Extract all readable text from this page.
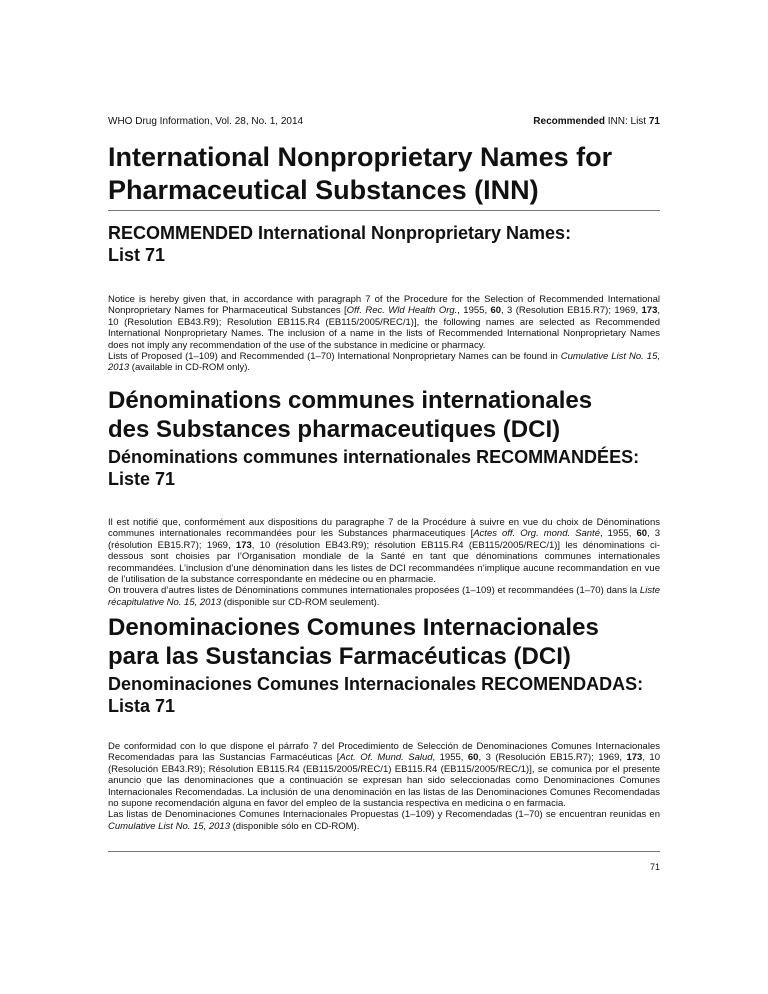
WHO Drug Information, Vol. 28, No. 1, 2014	Recommended INN: List 71
International Nonproprietary Names for
Pharmaceutical Substances (INN)
RECOMMENDED International Nonproprietary Names:
List 71

Notice is hereby given that, in accordance with paragraph 7 of the Procedure for the Selection of Recommended International Nonproprietary Names for Pharmaceutical Substances [Off. Rec. Wld Health Org., 1955, 60, 3 (Resolution EB15.R7); 1969, 173, 10 (Resolution EB43.R9); Resolution EB115.R4 (EB115/2005/REC/1)], the following names are selected as Recommended International Nonproprietary Names. The inclusion of a name in the lists of Recommended International Nonproprietary Names does not imply any recommendation of the use of the substance in medicine or pharmacy.

Lists of Proposed (1–109) and Recommended (1–70) International Nonproprietary Names can be found in Cumulative List No. 15, 2013 (available in CD-ROM only).

Dénominations communes internationales
des Substances pharmaceutiques (DCI)
Dénominations communes internationales RECOMMANDÉES:
Liste 71

Il est notifié que, conformément aux dispositions du paragraphe 7 de la Procédure à suivre en vue du choix de Dénominations communes internationales recommandées pour les Substances pharmaceutiques [Actes off. Org. mond. Santé, 1955, 60, 3 (résolution EB15.R7); 1969, 173, 10 (résolution EB43.R9); résolution EB115.R4 (EB115/2005/REC/1)] les dénominations ci-dessous sont choisies par l’Organisation mondiale de la Santé en tant que dénominations communes internationales recommandées. L’inclusion d’une dénomination dans les listes de DCI recommandées n’implique aucune recommandation en vue de l’utilisation de la substance correspondante en médecine ou en pharmacie.

On trouvera d’autres listes de Dénominations communes internationales proposées (1–109) et recommandées (1–70) dans la Liste récapitulative No. 15, 2013 (disponible sur CD-ROM seulement).

Denominaciones Comunes Internacionales
para las Sustancias Farmacéuticas (DCI)
Denominaciones Comunes Internacionales RECOMENDADAS:
Lista 71

De conformidad con lo que dispone el párrafo 7 del Procedimiento de Selección de Denominaciones Comunes Internacionales Recomendadas para las Sustancias Farmacéuticas [Act. Of. Mund. Salud, 1955, 60, 3 (Resolución EB15.R7); 1969, 173, 10 (Resolución EB43.R9); Résolution EB115.R4 (EB115/2005/REC/1) EB115.R4 (EB115/2005/REC/1)], se comunica por el presente anuncio que las denominaciones que a continuación se expresan han sido seleccionadas como Denominaciones Comunes Internacionales Recomendadas. La inclusión de una denominación en las listas de las Denominaciones Comunes Recomendadas no supone recomendación alguna en favor del empleo de la sustancia respectiva en medicina o en farmacia.

Las listas de Denominaciones Comunes Internacionales Propuestas (1–109) y Recomendadas (1–70) se encuentran reunidas en Cumulative List No. 15, 2013 (disponible sólo en CD-ROM).

71
